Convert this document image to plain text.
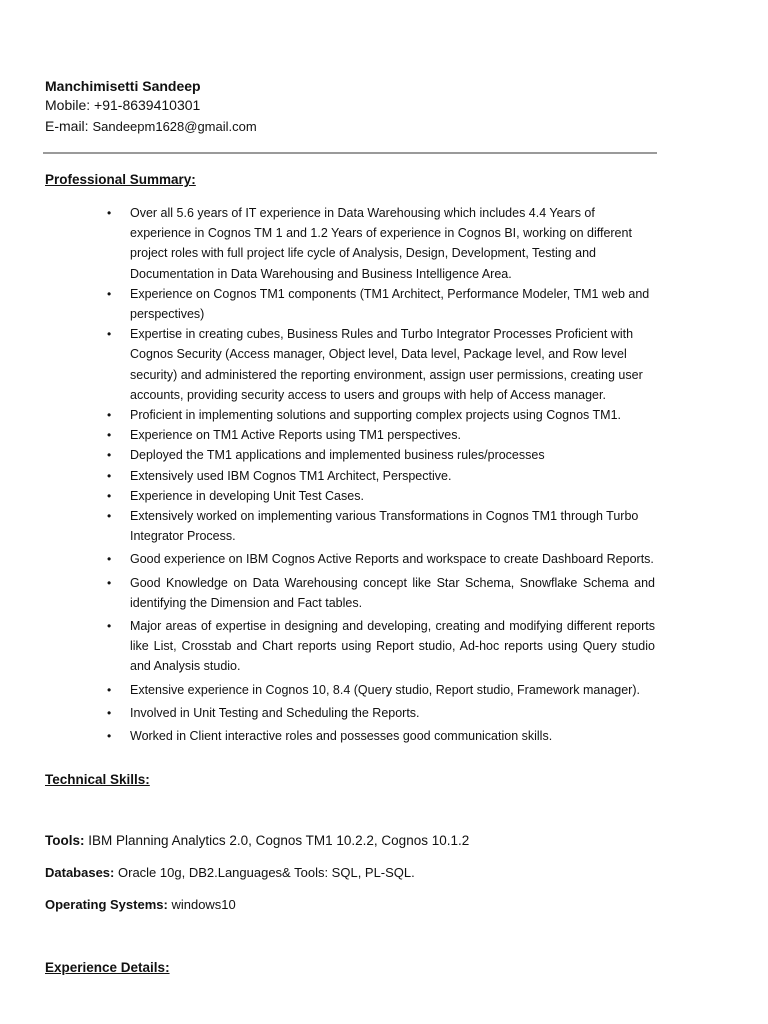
Manchimisetti Sandeep
Mobile: +91-8639410301
E-mail: Sandeepm1628@gmail.com
Professional Summary:
• Over all 5.6 years of IT experience in Data Warehousing which includes 4.4 Years of experience in Cognos TM 1 and 1.2 Years of experience in Cognos BI, working on different project roles with full project life cycle of Analysis, Design, Development, Testing and Documentation in Data Warehousing and Business Intelligence Area.
• Experience on Cognos TM1 components (TM1 Architect, Performance Modeler, TM1 web and perspectives)
• Expertise in creating cubes, Business Rules and Turbo Integrator Processes Proficient with Cognos Security (Access manager, Object level, Data level, Package level, and Row level security) and administered the reporting environment, assign user permissions, creating user accounts, providing security access to users and groups with help of Access manager.
• Proficient in implementing solutions and supporting complex projects using Cognos TM1.
• Experience on TM1 Active Reports using TM1 perspectives.
• Deployed the TM1 applications and implemented business rules/processes
• Extensively used IBM Cognos TM1 Architect, Perspective.
• Experience in developing Unit Test Cases.
• Extensively worked on implementing various Transformations in Cognos TM1 through Turbo Integrator Process.
• Good experience on IBM Cognos Active Reports and workspace to create Dashboard Reports.
• Good Knowledge on Data Warehousing concept like Star Schema, Snowflake Schema and identifying the Dimension and Fact tables.
• Major areas of expertise in designing and developing, creating and modifying different reports like List, Crosstab and Chart reports using Report studio, Ad-hoc reports using Query studio and Analysis studio.
• Extensive experience in Cognos 10, 8.4 (Query studio, Report studio, Framework manager).
• Involved in Unit Testing and Scheduling the Reports.
• Worked in Client interactive roles and possesses good communication skills.
Technical Skills:
Tools: IBM Planning Analytics 2.0, Cognos TM1 10.2.2, Cognos 10.1.2
Databases: Oracle 10g, DB2.Languages& Tools: SQL, PL-SQL.
Operating Systems: windows10
Experience Details:
